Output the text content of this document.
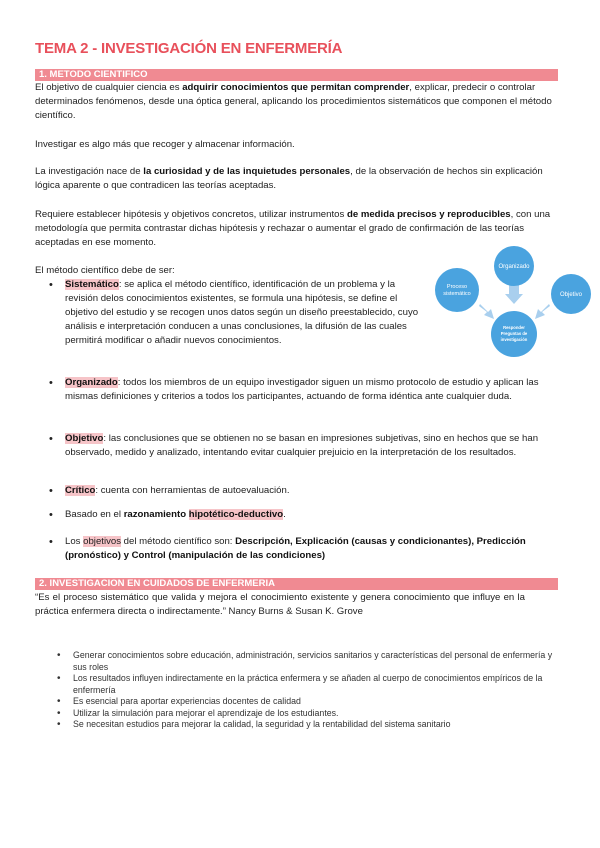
TEMA 2 - INVESTIGACIÓN EN ENFERMERÍA
1. METODO CIENTIFICO
El objetivo de cualquier ciencia es adquirir conocimientos que permitan comprender, explicar, predecir o controlar determinados fenómenos, desde una óptica general, aplicando los procedimientos sistemáticos que componen el método científico.
Investigar es algo más que recoger y almacenar información.
La investigación nace de la curiosidad y de las inquietudes personales, de la observación de hechos sin explicación lógica aparente o que contradicen las teorías aceptadas.
Requiere establecer hipótesis y objetivos concretos, utilizar instrumentos de medida precisos y reproducibles, con una metodología que permita contrastar dichas hipótesis y rechazar o aumentar el grado de confirmación de las teorías aceptadas en ese momento.
El método científico debe de ser:
• Sistemático: se aplica el método científico, identificación de un problema y la revisión delos conocimientos existentes, se formula una hipótesis, se define el objetivo del estudio y se recogen unos datos según un diseño preestablecido, cuyo análisis e interpretación conducen a unas conclusiones, la difusión de las cuales permitirá modificar o añadir nuevos conocimientos.
• Organizado: todos los miembros de un equipo investigador siguen un mismo protocolo de estudio y aplican las mismas definiciones y criterios a todos los participantes, actuando de forma idéntica ante cualquier duda.
• Objetivo: las conclusiones que se obtienen no se basan en impresiones subjetivas, sino en hechos que se han observado, medido y analizado, intentando evitar cualquier prejuicio en la interpretación de los resultados.
• Crítico: cuenta con herramientas de autoevaluación.
• Basado en el razonamiento hipotético-deductivo.
• Los objetivos del método científico son: Descripción, Explicación (causas y condicionantes), Predicción (pronóstico) y Control (manipulación de las condiciones)
Organizado
Proceso
sistemático	Objetivo
Responder
Preguntas de
investigación
2. INVESTIGACION EN CUIDADOS DE ENFERMERIA
“Es el proceso sistemático que valida y mejora el conocimiento existente y genera conocimiento que influye en la práctica enfermera directa o indirectamente.” Nancy Burns & Susan K. Grove
• Generar conocimientos sobre educación, administración, servicios sanitarios y características del personal de enfermería y sus roles
• Los resultados influyen indirectamente en la práctica enfermera y se añaden al cuerpo de conocimientos empíricos de la enfermería
• Es esencial para aportar experiencias docentes de calidad
• Utilizar la simulación para mejorar el aprendizaje de los estudiantes.
• Se necesitan estudios para mejorar la calidad, la seguridad y la rentabilidad del sistema sanitario
